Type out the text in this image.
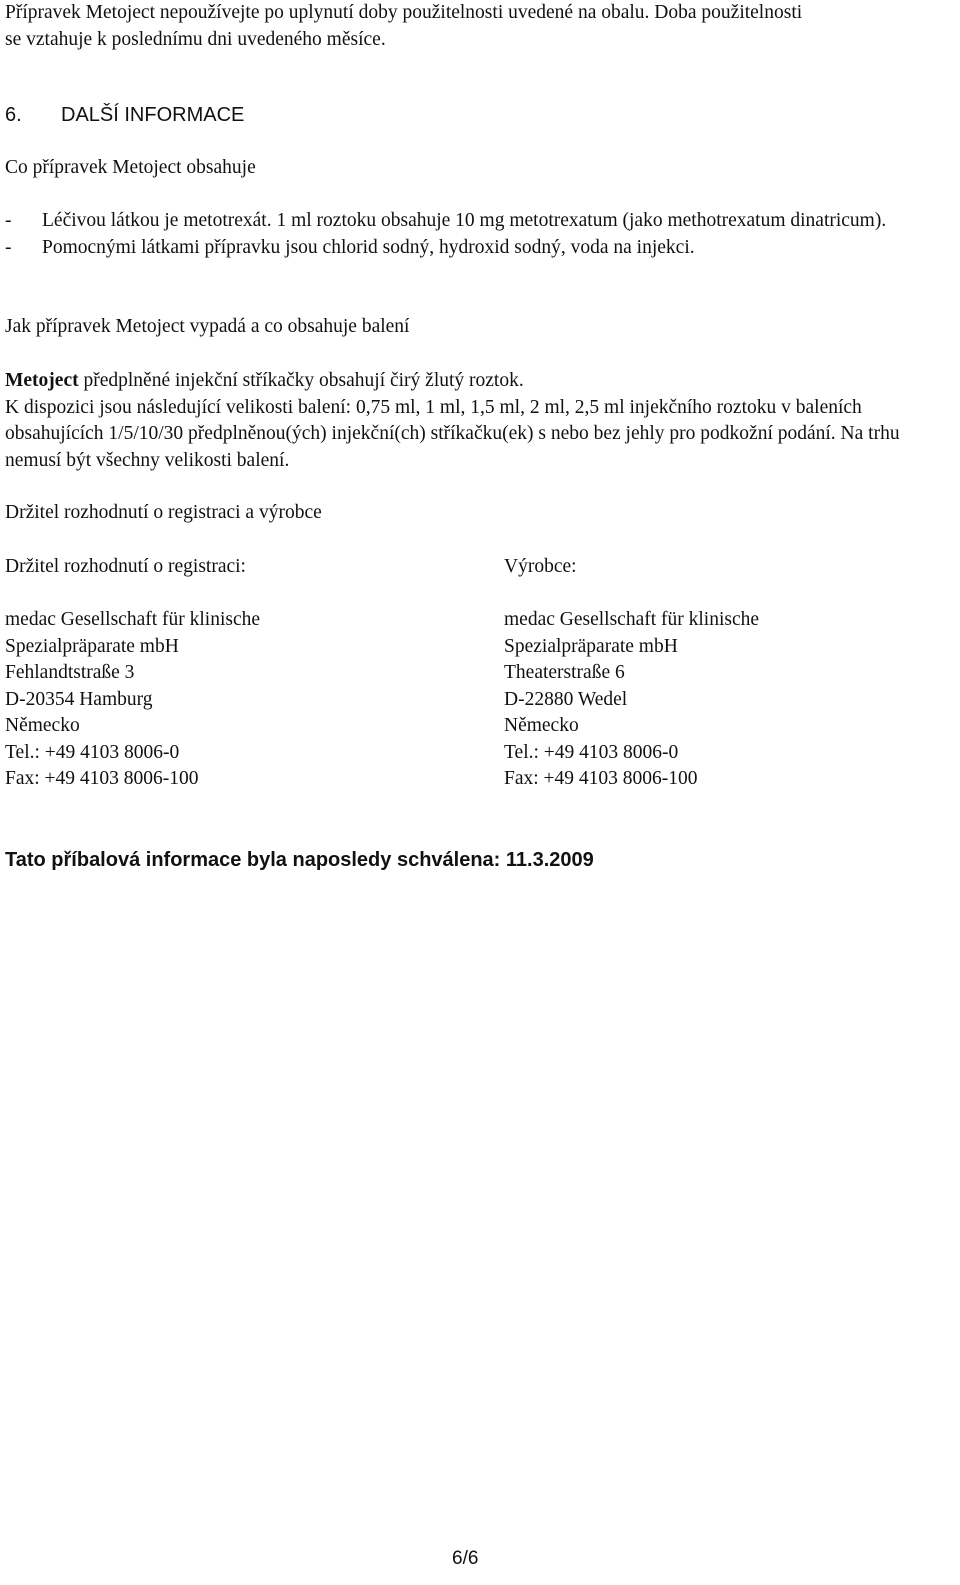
Přípravek Metoject nepoužívejte po uplynutí doby použitelnosti uvedené na obalu. Doba použitelnosti

se vztahuje k poslednímu dni uvedeného měsíce.

6. DALŠÍ INFORMACE

Co přípravek Metoject obsahuje

- Léčivou látkou je metotrexát. 1 ml roztoku obsahuje 10 mg metotrexatum (jako methotrexatum dinatricum).
- Pomocnými látkami přípravku jsou chlorid sodný, hydroxid sodný, voda na injekci.

Jak přípravek Metoject vypadá a co obsahuje balení

Metoject předplněné injekční stříkačky obsahují čirý žlutý roztok.

K dispozici jsou následující velikosti balení: 0,75 ml, 1 ml, 1,5 ml, 2 ml, 2,5 ml injekčního roztoku v baleních obsahujících 1/5/10/30 předplněnou(ých) injekční(ch) stříkačku(ek) s nebo bez jehly pro podkožní podání. Na trhu nemusí být všechny velikosti balení.

Držitel rozhodnutí o registraci a výrobce

Držitel rozhodnutí o registraci:

medac Gesellschaft für klinische

Spezialpräparate mbH

Fehlandtstraße 3

D-20354 Hamburg

Německo

Tel.: +49 4103 8006-0

Fax: +49 4103 8006-100

Výrobce:

medac Gesellschaft für klinische

Spezialpräparate mbH

Theaterstraße 6

D-22880 Wedel

Německo

Tel.: +49 4103 8006-0

Fax: +49 4103 8006-100

Tato příbalová informace byla naposledy schválena: 11.3.2009

6/6
